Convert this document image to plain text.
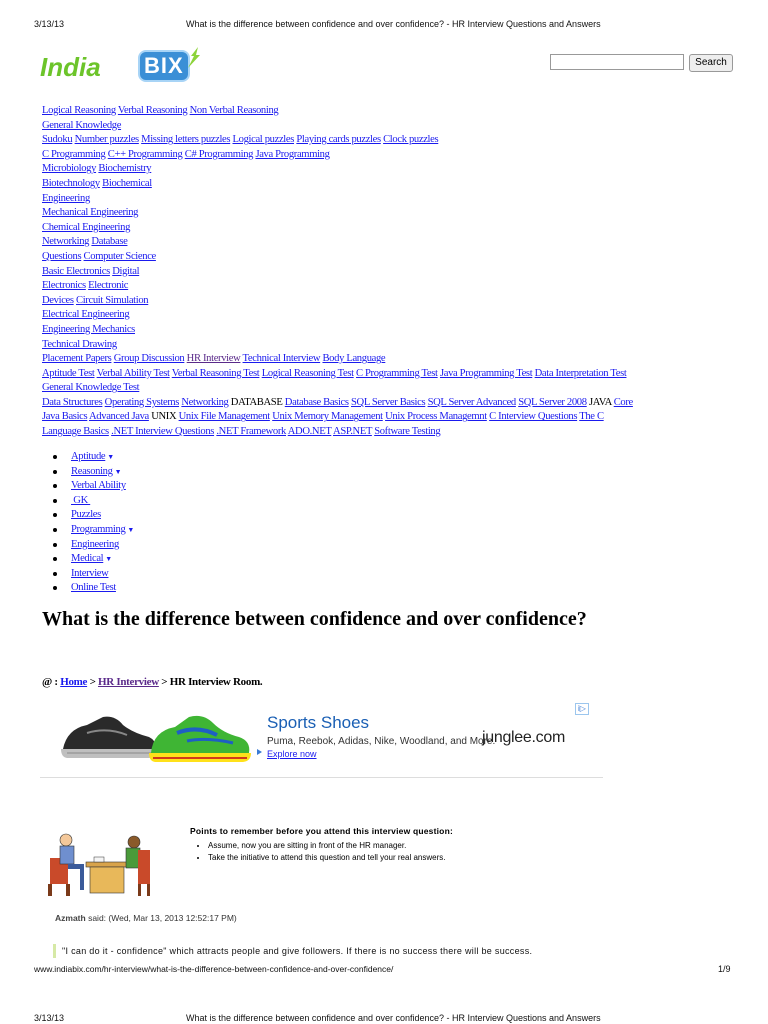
3/13/13	What is the difference between confidence and over confidence? - HR Interview Questions and Answers
India BIX	Search
Logical Reasoning Verbal Reasoning Non Verbal Reasoning
General Knowledge
Sudoku Number puzzles Missing letters puzzles Logical puzzles Playing cards puzzles Clock puzzles
C Programming C++ Programming C# Programming Java Programming
Microbiology Biochemistry
Biotechnology Biochemical
Engineering
Mechanical Engineering
Chemical Engineering
Networking Database
Questions Computer Science
Basic Electronics Digital
Electronics Electronic
Devices Circuit Simulation
Electrical Engineering
Engineering Mechanics
Technical Drawing
Placement Papers Group Discussion HR Interview Technical Interview Body Language
Aptitude Test Verbal Ability Test Verbal Reasoning Test Logical Reasoning Test C Programming Test Java Programming Test Data Interpretation Test
General Knowledge Test
Data Structures Operating Systems Networking DATABASE Database Basics SQL Server Basics SQL Server Advanced SQL Server 2008 JAVA Core
Java Basics Advanced Java UNIX Unix File Management Unix Memory Management Unix Process Managemnt C Interview Questions The C
Language Basics .NET Interview Questions .NET Framework ADO.NET ASP.NET Software Testing
Aptitude ▼
Reasoning ▼
Verbal Ability
GK
Puzzles
Programming ▼
Engineering
Medical ▼
Interview
Online Test
What is the difference between confidence and over confidence?
@ : Home > HR Interview > HR Interview Room.
Sports Shoes
Puma, Reebok, Adidas, Nike, Woodland, and More.
Explore now
junglee.com
i▷
Points to remember before you attend this interview question:
• Assume, now you are sitting in front of the HR manager.
• Take the initiative to attend this question and tell your real answers.
Azmath said: (Wed, Mar 13, 2013 12:52:17 PM)
"I can do it - confidence" which attracts people and give followers. If there is no success there will be success.
www.indiabix.com/hr-interview/what-is-the-difference-between-confidence-and-over-confidence/	1/9
3/13/13	What is the difference between confidence and over confidence? - HR Interview Questions and Answers
